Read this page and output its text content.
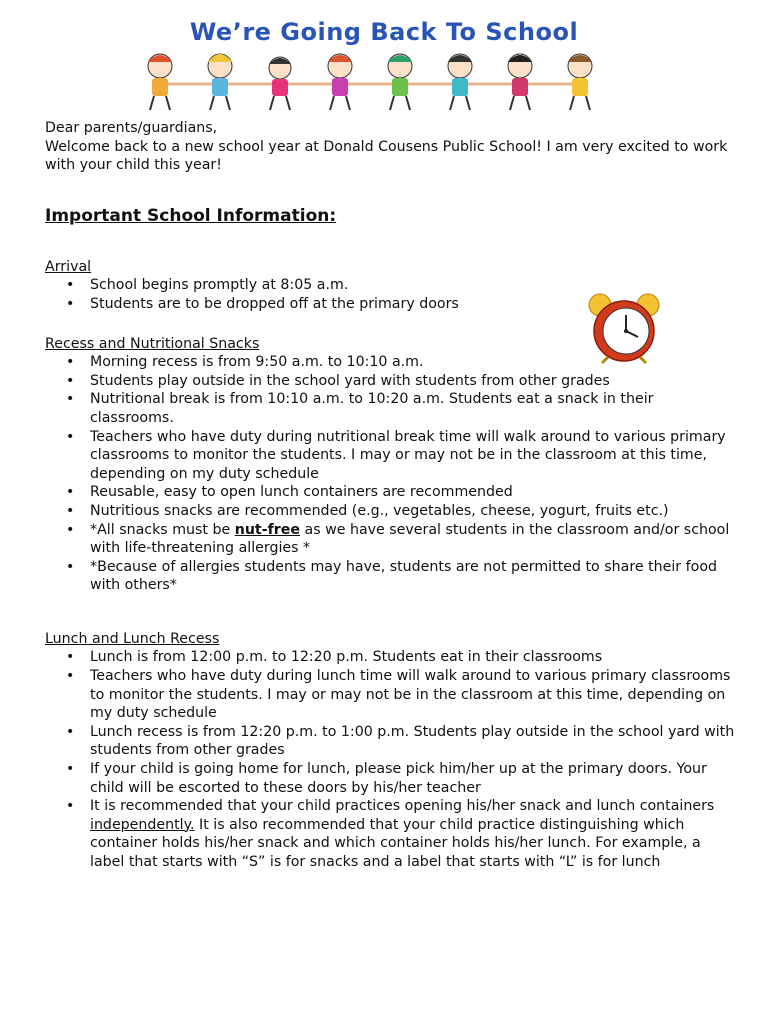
We’re Going Back To School

Dear parents/guardians,

Welcome back to a new school year at Donald Cousens Public School! I am very excited to work with your child this year!

Important School Information:
Arrival
• School begins promptly at 8:05 a.m.
• Students are to be dropped off at the primary doors
Recess and Nutritional Snacks
• Morning recess is from 9:50 a.m. to 10:10 a.m.
• Students play outside in the school yard with students from other grades
• Nutritional break is from 10:10 a.m. to 10:20 a.m. Students eat a snack in their classrooms.
• Teachers who have duty during nutritional break time will walk around to various primary classrooms to monitor the students. I may or may not be in the classroom at this time, depending on my duty schedule
• Reusable, easy to open lunch containers are recommended
• Nutritious snacks are recommended (e.g., vegetables, cheese, yogurt, fruits etc.)
• *All snacks must be nut-free as we have several students in the classroom and/or school with life-threatening allergies *
• *Because of allergies students may have, students are not permitted to share their food with others*
Lunch and Lunch Recess
• Lunch is from 12:00 p.m. to 12:20 p.m. Students eat in their classrooms
• Teachers who have duty during lunch time will walk around to various primary classrooms to monitor the students. I may or may not be in the classroom at this time, depending on my duty schedule
• Lunch recess is from 12:20 p.m. to 1:00 p.m. Students play outside in the school yard with students from other grades
• If your child is going home for lunch, please pick him/her up at the primary doors. Your child will be escorted to these doors by his/her teacher
• It is recommended that your child practices opening his/her snack and lunch containers independently. It is also recommended that your child practice distinguishing which container holds his/her snack and which container holds his/her lunch. For example, a label that starts with “S” is for snacks and a label that starts with “L” is for lunch
